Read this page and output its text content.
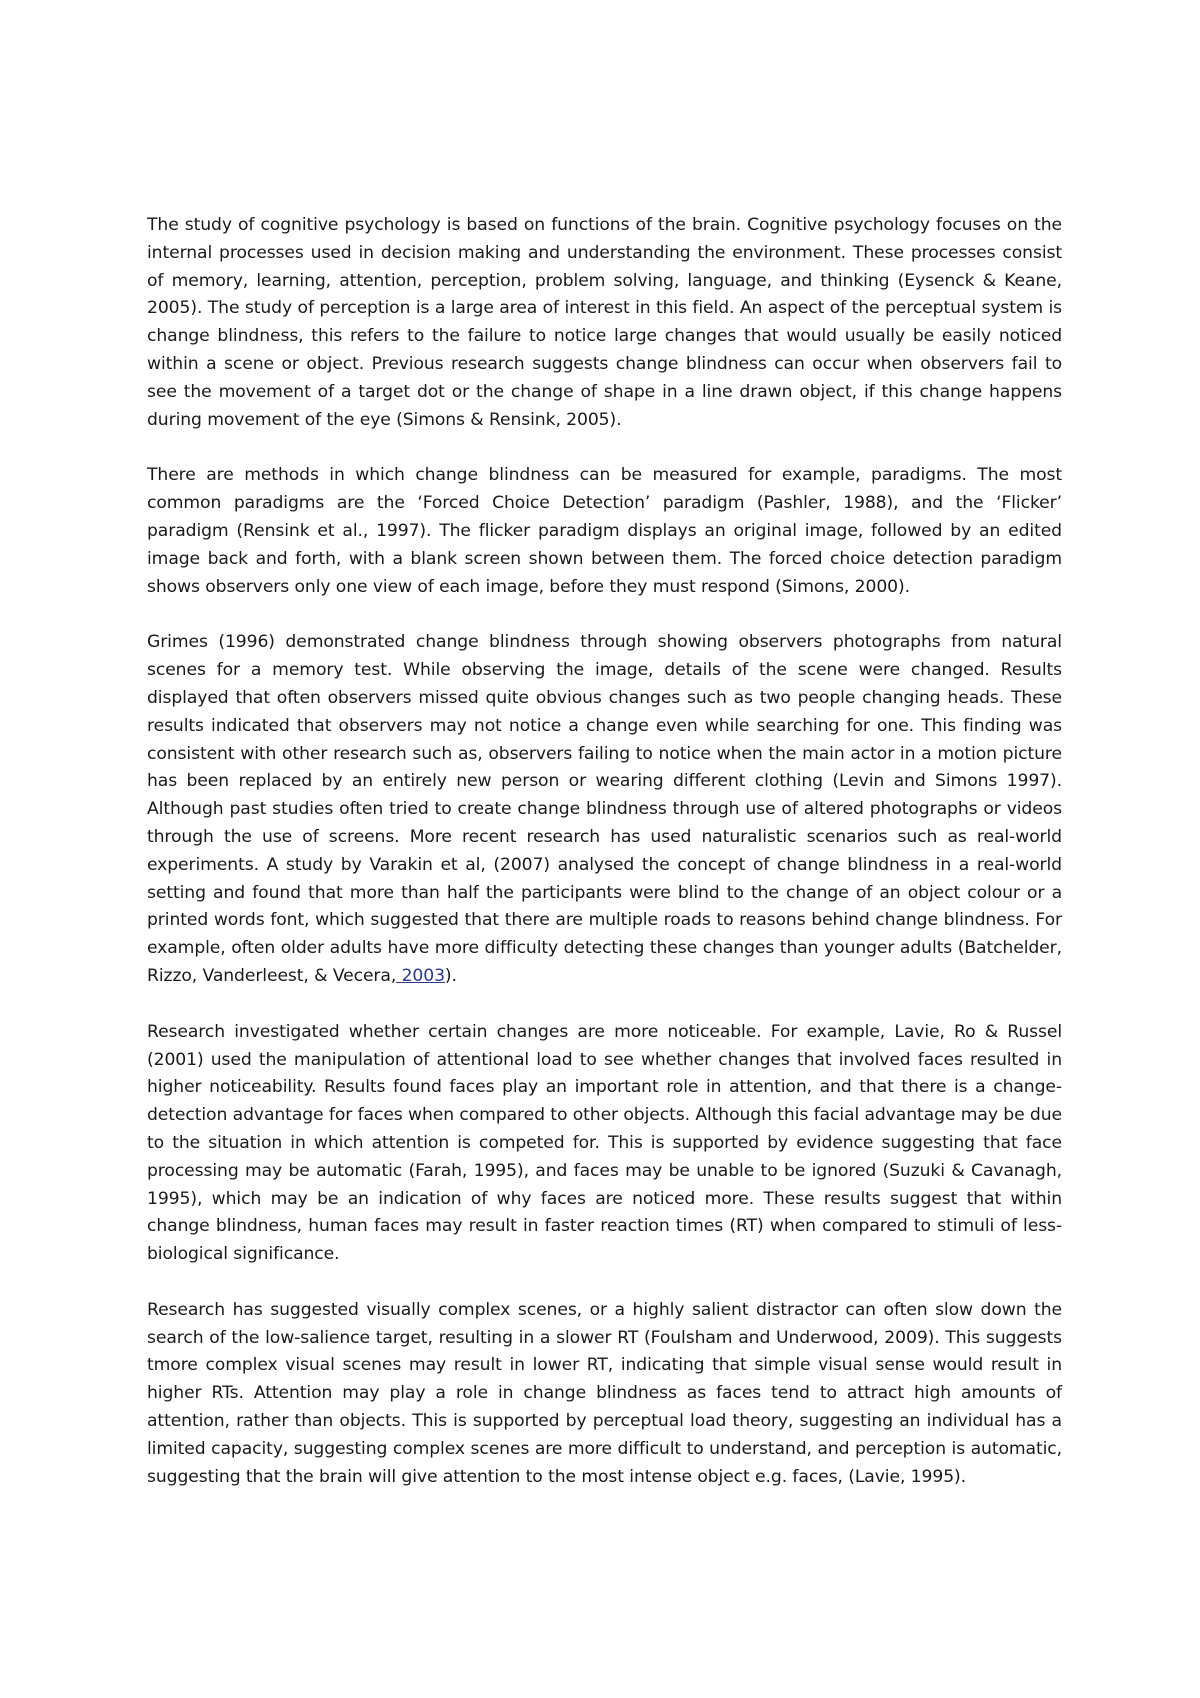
The study of cognitive psychology is based on functions of the brain. Cognitive psychology focuses on the internal processes used in decision making and understanding the environment. These processes consist of memory, learning, attention, perception, problem solving, language, and thinking (Eysenck & Keane, 2005). The study of perception is a large area of interest in this field. An aspect of the perceptual system is change blindness, this refers to the failure to notice large changes that would usually be easily noticed within a scene or object. Previous research suggests change blindness can occur when observers fail to see the movement of a target dot or the change of shape in a line drawn object, if this change happens during movement of the eye (Simons & Rensink, 2005).

There are methods in which change blindness can be measured for example, paradigms. The most common paradigms are the ‘Forced Choice Detection’ paradigm (Pashler, 1988), and the ‘Flicker’ paradigm (Rensink et al., 1997). The flicker paradigm displays an original image, followed by an edited image back and forth, with a blank screen shown between them. The forced choice detection paradigm shows observers only one view of each image, before they must respond (Simons, 2000).

Grimes (1996) demonstrated change blindness through showing observers photographs from natural scenes for a memory test. While observing the image, details of the scene were changed. Results displayed that often observers missed quite obvious changes such as two people changing heads. These results indicated that observers may not notice a change even while searching for one. This finding was consistent with other research such as, observers failing to notice when the main actor in a motion picture has been replaced by an entirely new person or wearing different clothing (Levin and Simons 1997). Although past studies often tried to create change blindness through use of altered photographs or videos through the use of screens. More recent research has used naturalistic scenarios such as real-world experiments. A study by Varakin et al, (2007) analysed the concept of change blindness in a real-world setting and found that more than half the participants were blind to the change of an object colour or a printed words font, which suggested that there are multiple roads to reasons behind change blindness. For example, often older adults have more difficulty detecting these changes than younger adults (Batchelder, Rizzo, Vanderleest, & Vecera, 2003).

Research investigated whether certain changes are more noticeable. For example, Lavie, Ro & Russel (2001) used the manipulation of attentional load to see whether changes that involved faces resulted in higher noticeability. Results found faces play an important role in attention, and that there is a change-detection advantage for faces when compared to other objects. Although this facial advantage may be due to the situation in which attention is competed for. This is supported by evidence suggesting that face processing may be automatic (Farah, 1995), and faces may be unable to be ignored (Suzuki & Cavanagh, 1995), which may be an indication of why faces are noticed more. These results suggest that within change blindness, human faces may result in faster reaction times (RT) when compared to stimuli of less-biological significance.

Research has suggested visually complex scenes, or a highly salient distractor can often slow down the search of the low-salience target, resulting in a slower RT (Foulsham and Underwood, 2009). This suggests tmore complex visual scenes may result in lower RT, indicating that simple visual sense would result in higher RTs. Attention may play a role in change blindness as faces tend to attract high amounts of attention, rather than objects. This is supported by perceptual load theory, suggesting an individual has a limited capacity, suggesting complex scenes are more difficult to understand, and perception is automatic, suggesting that the brain will give attention to the most intense object e.g. faces, (Lavie, 1995).
